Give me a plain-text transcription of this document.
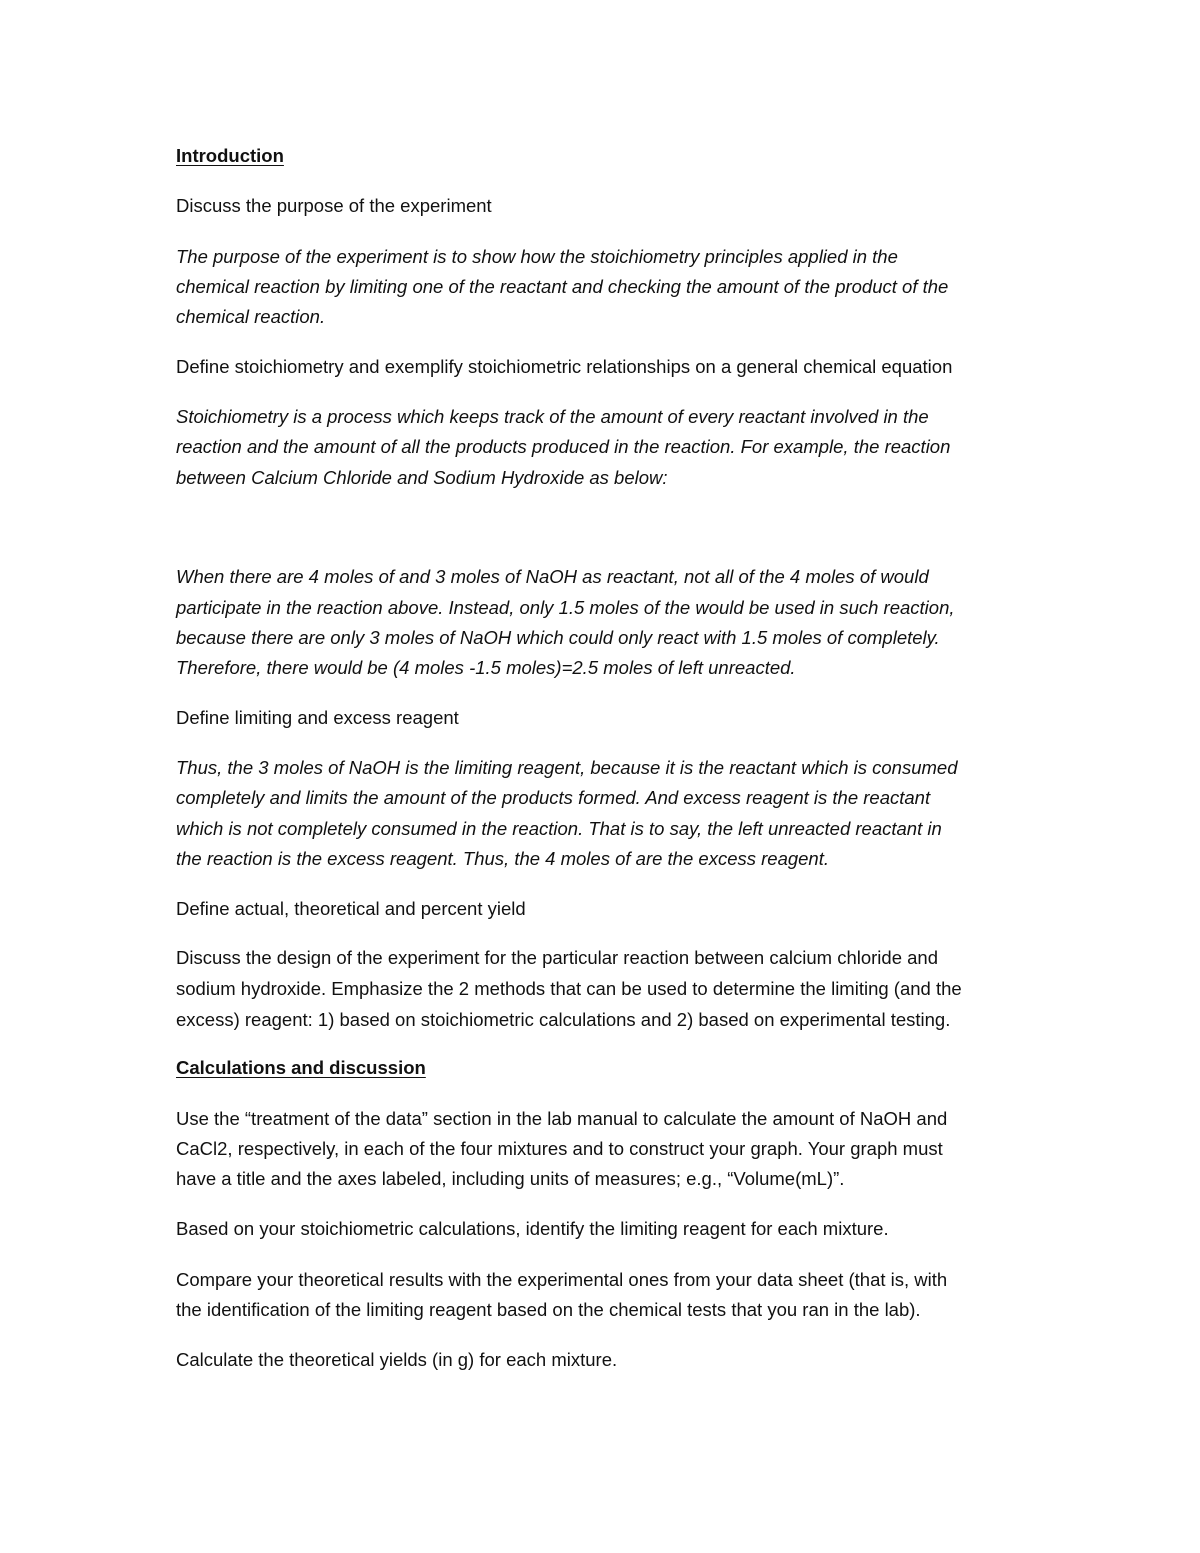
Introduction
Discuss the purpose of the experiment
The purpose of the experiment is to show how the stoichiometry principles applied in the
chemical reaction by limiting one of the reactant and checking the amount of the product of the
chemical reaction.
Define stoichiometry and exemplify stoichiometric relationships on a general chemical equation
Stoichiometry is a process which keeps track of the amount of every reactant involved in the
reaction and the amount of all the products produced in the reaction. For example, the reaction
between Calcium Chloride and Sodium Hydroxide as below:
When there are 4 moles of and 3 moles of NaOH as reactant, not all of the 4 moles of would
participate in the reaction above. Instead, only 1.5 moles of the would be used in such reaction,
because there are only 3 moles of NaOH which could only react with 1.5 moles of completely.
Therefore, there would be (4 moles -1.5 moles)=2.5 moles of left unreacted.
Define limiting and excess reagent
Thus, the 3 moles of NaOH is the limiting reagent, because it is the reactant which is consumed
completely and limits the amount of the products formed. And excess reagent is the reactant
which is not completely consumed in the reaction. That is to say, the left unreacted reactant in
the reaction is the excess reagent. Thus, the 4 moles of are the excess reagent.
Define actual, theoretical and percent yield
Discuss the design of the experiment for the particular reaction between calcium chloride and
sodium hydroxide. Emphasize the 2 methods that can be used to determine the limiting (and the
excess) reagent: 1) based on stoichiometric calculations and 2) based on experimental testing.
Calculations and discussion
Use the “treatment of the data” section in the lab manual to calculate the amount of NaOH and
CaCl2, respectively, in each of the four mixtures and to construct your graph. Your graph must
have a title and the axes labeled, including units of measures; e.g., “Volume(mL)”.
Based on your stoichiometric calculations, identify the limiting reagent for each mixture.
Compare your theoretical results with the experimental ones from your data sheet (that is, with
the identification of the limiting reagent based on the chemical tests that you ran in the lab).
Calculate the theoretical yields (in g) for each mixture.
